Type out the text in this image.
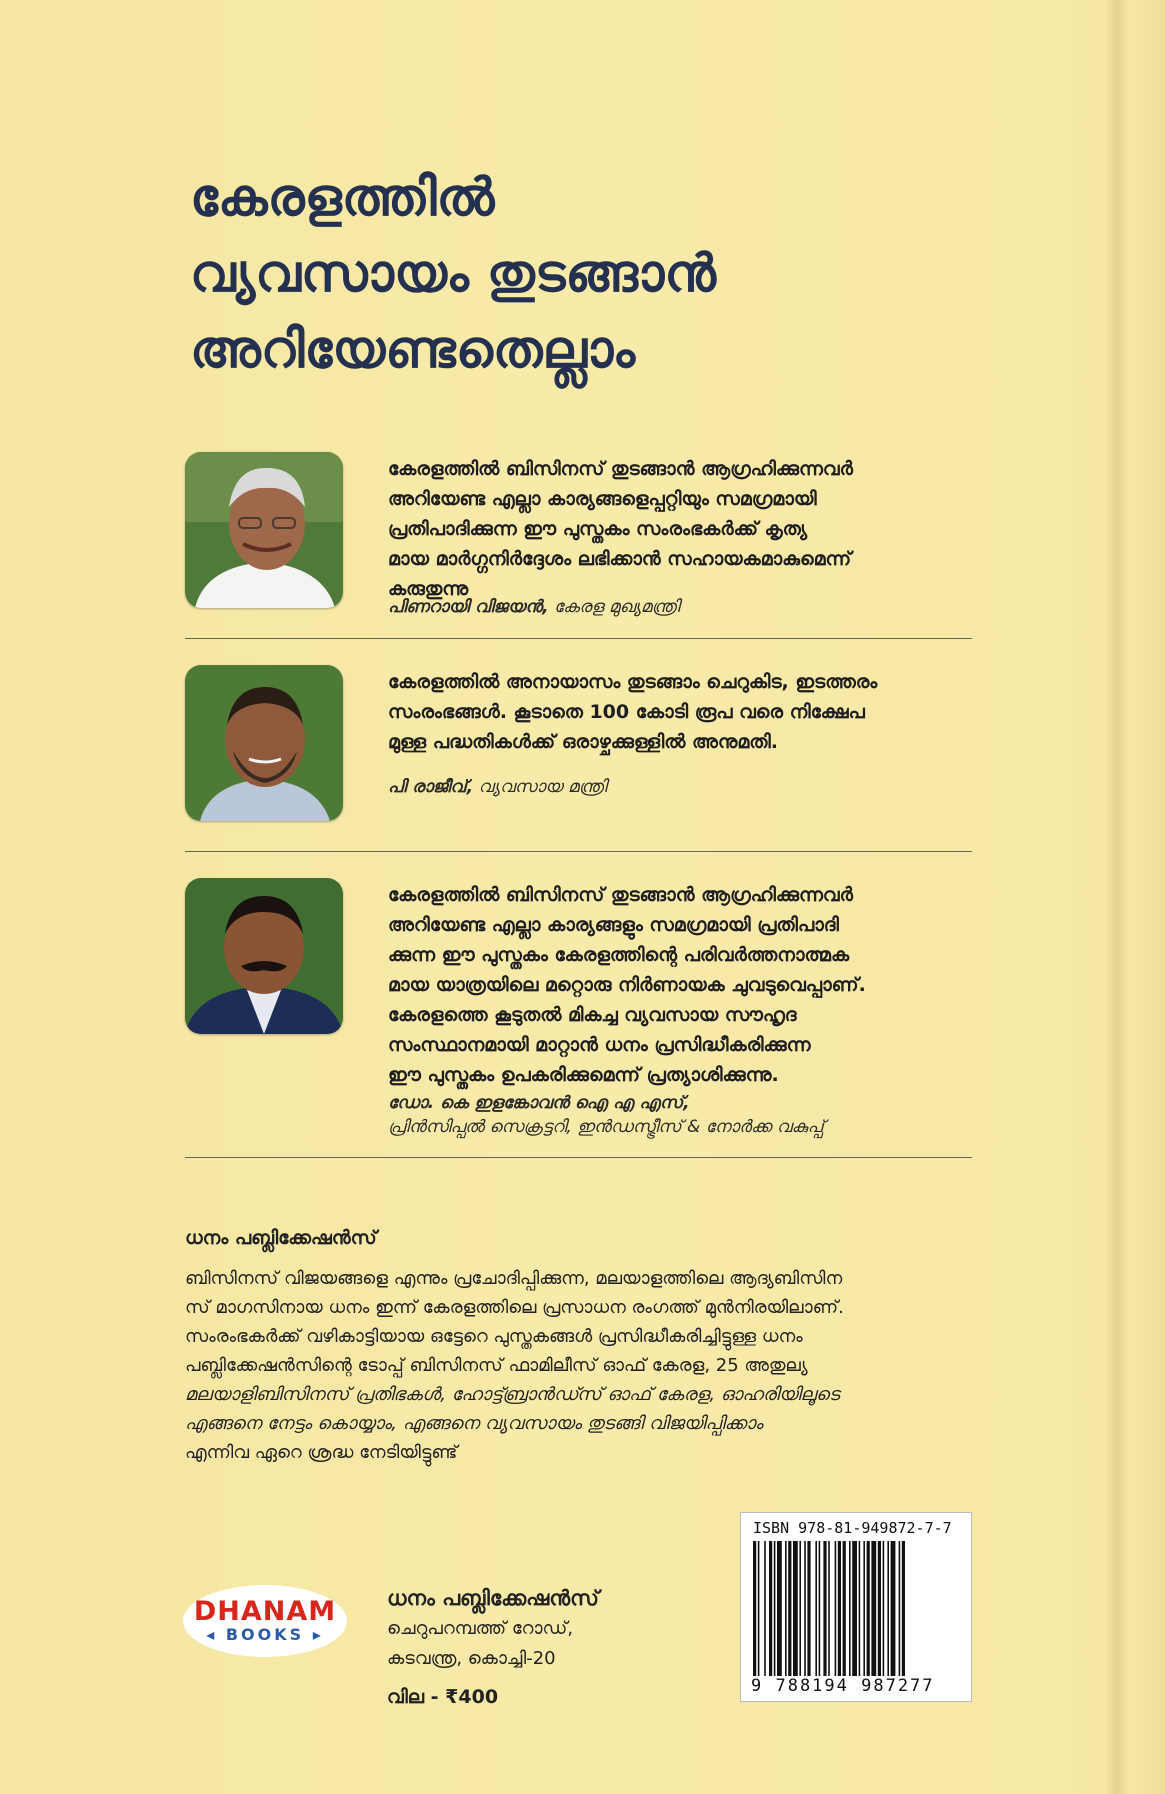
കേരളത്തിൽ
വ്യവസായം തുടങ്ങാൻ
അറിയേണ്ടതെല്ലാം
കേരളത്തിൽ ബിസിനസ് തുടങ്ങാൻ ആഗ്രഹിക്കുന്നവർ
അറിയേണ്ട എല്ലാ കാര്യങ്ങളെപ്പറ്റിയും സമഗ്രമായി
പ്രതിപാദിക്കുന്ന ഈ പുസ്തകം സംരംഭകർക്ക് കൃത്യ
മായ മാർഗ്ഗനിർദ്ദേശം ലഭിക്കാൻ സഹായകമാകുമെന്ന്
കരുതുന്നു
പിണറായി വിജയൻ, കേരള മുഖ്യമന്ത്രി
കേരളത്തിൽ അനായാസം തുടങ്ങാം ചെറുകിട, ഇടത്തരം
സംരംഭങ്ങൾ. കൂടാതെ 100 കോടി രൂപ വരെ നിക്ഷേപ
മുള്ള പദ്ധതികൾക്ക് ഒരാഴ്ചക്കുള്ളിൽ അനുമതി.
പി രാജീവ്, വ്യവസായ മന്ത്രി
കേരളത്തിൽ ബിസിനസ് തുടങ്ങാൻ ആഗ്രഹിക്കുന്നവർ
അറിയേണ്ട എല്ലാ കാര്യങ്ങളും സമഗ്രമായി പ്രതിപാദി
ക്കുന്ന ഈ പുസ്തകം കേരളത്തിന്റെ പരിവർത്തനാത്മക
മായ യാത്രയിലെ മറ്റൊരു നിർണായക ചുവടുവെപ്പാണ്.
കേരളത്തെ കൂടുതൽ മികച്ച വ്യവസായ സൗഹൃദ
സംസ്ഥാനമായി മാറ്റാൻ ധനം പ്രസിദ്ധീകരിക്കുന്ന
ഈ പുസ്തകം ഉപകരിക്കുമെന്ന് പ്രത്യാശിക്കുന്നു.
ഡോ. കെ ഇളങ്കോവൻ ഐ എ എസ്,
പ്രിൻസിപ്പൽ സെക്രട്ടറി, ഇൻഡസ്ട്രീസ് & നോർക്ക വകുപ്പ്
ധനം പബ്ലിക്കേഷൻസ്
ബിസിനസ് വിജയങ്ങളെ എന്നും പ്രചോദിപ്പിക്കുന്ന, മലയാളത്തിലെ ആദ്യബിസിന
സ് മാഗസിനായ ധനം ഇന്ന് കേരളത്തിലെ പ്രസാധന രംഗത്ത് മുൻനിരയിലാണ്.
സംരംഭകർക്ക് വഴികാട്ടിയായ ഒട്ടേറെ പുസ്തകങ്ങൾ പ്രസിദ്ധീകരിച്ചിട്ടുള്ള ധനം
പബ്ലിക്കേഷൻസിന്റെ ടോപ്പ് ബിസിനസ് ഫാമിലീസ് ഓഫ് കേരള, 25 അതുല്യ
മലയാളിബിസിനസ് പ്രതിഭകൾ, ഹോട്ട്ബ്രാൻഡ്സ് ഓഫ് കേരള, ഓഹരിയിലൂടെ
എങ്ങനെ നേട്ടം കൊയ്യാം, എങ്ങനെ വ്യവസായം തുടങ്ങി വിജയിപ്പിക്കാം
എന്നിവ ഏറെ ശ്രദ്ധ നേടിയിട്ടുണ്ട്
DHANAM
◂ BOOKS ▸
ധനം പബ്ലിക്കേഷൻസ്
ചെറുപറമ്പത്ത് റോഡ്,
കടവന്ത്ര, കൊച്ചി-20
വില - ₹400
ISBN 978-81-949872-7-7
9 788194 987277
